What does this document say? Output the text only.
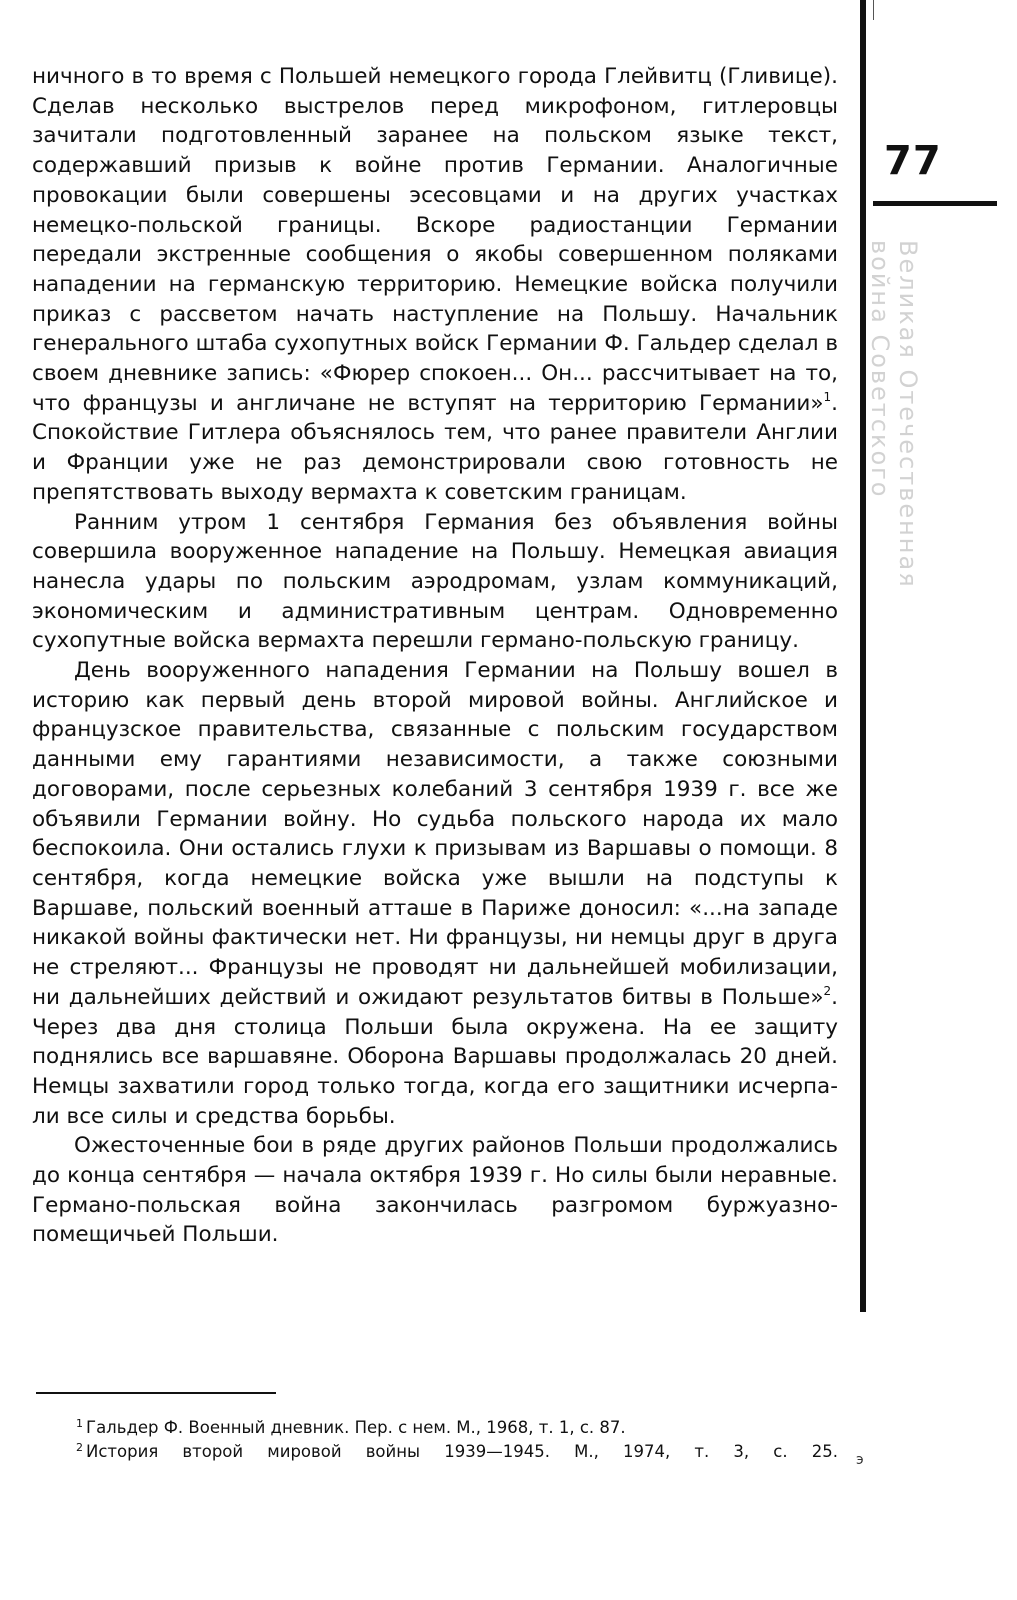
77
Великая Отечественная
война Советского

ничного в то время с Польшей немецкого города Глейвитц (Гливице). Сделав несколько выстрелов перед микрофоном, гитлеровцы зачитали подготовленный заранее на польском языке текст, содержавший призыв к войне против Германии. Аналогичные провокации были совершены эсесовцами и на других участках немецко-польской границы. Вскоре радиостанции Германии передали экстренные сообщения о якобы совершенном поляками нападении на германскую территорию. Немецкие войска получили приказ с рассветом начать наступление на Польшу. Начальник генерального штаба сухопутных войск Германии Ф. Гальдер сделал в своем дневнике запись: «Фюрер спокоен... Он... рассчитывает на то, что французы и англичане не вступят на территорию Германии»$^1$. Спокойствие Гитлера объяснялось тем, что ранее правители Англии и Франции уже не раз демонстрировали свою готовность не препятствовать выходу вермахта к советским границам.

Ранним утром 1 сентября Германия без объявления войны совершила вооруженное нападение на Польшу. Немецкая авиация нанесла удары по польским аэродромам, узлам коммуникаций, экономическим и административным центрам. Одновременно сухопутные войска вермахта перешли германо-польскую границу.

День вооруженного нападения Германии на Польшу вошел в историю как первый день второй мировой войны. Английское и французское правительства, связанные с польским государством данными ему гарантиями независимости, а также союзными договорами, после серьезных колебаний 3 сентября 1939 г. все же объявили Германии войну. Но судьба польского народа их мало беспокоила. Они остались глухи к призывам из Варшавы о помощи. 8 сентября, когда немецкие войска уже вышли на подступы к Варшаве, польский военный атташе в Париже доносил: «...на западе никакой войны фактически нет. Ни французы, ни немцы друг в друга не стреляют... Французы не проводят ни дальнейшей мобилизации, ни дальнейших действий и ожидают результатов битвы в Польше»$^2$. Через два дня столица Польши была окружена. На ее защиту поднялись все варшавяне. Оборона Варшавы продолжалась 20 дней. Немцы захватили город только тогда, когда его защитники исчерпали все силы и средства борьбы.

Ожесточенные бои в ряде других районов Польши продолжались до конца сентября — начала октября 1939 г. Но силы были неравные. Германо-польская война закончилась разгромом буржуазно-помещичьей Польши.

$^1$ Гальдер Ф. Военный дневник. Пер. с нем. М., 1968, т. 1, с. 87.

$^2$ История второй мировой войны 1939—1945. М., 1974, т. 3, с. 25. э
